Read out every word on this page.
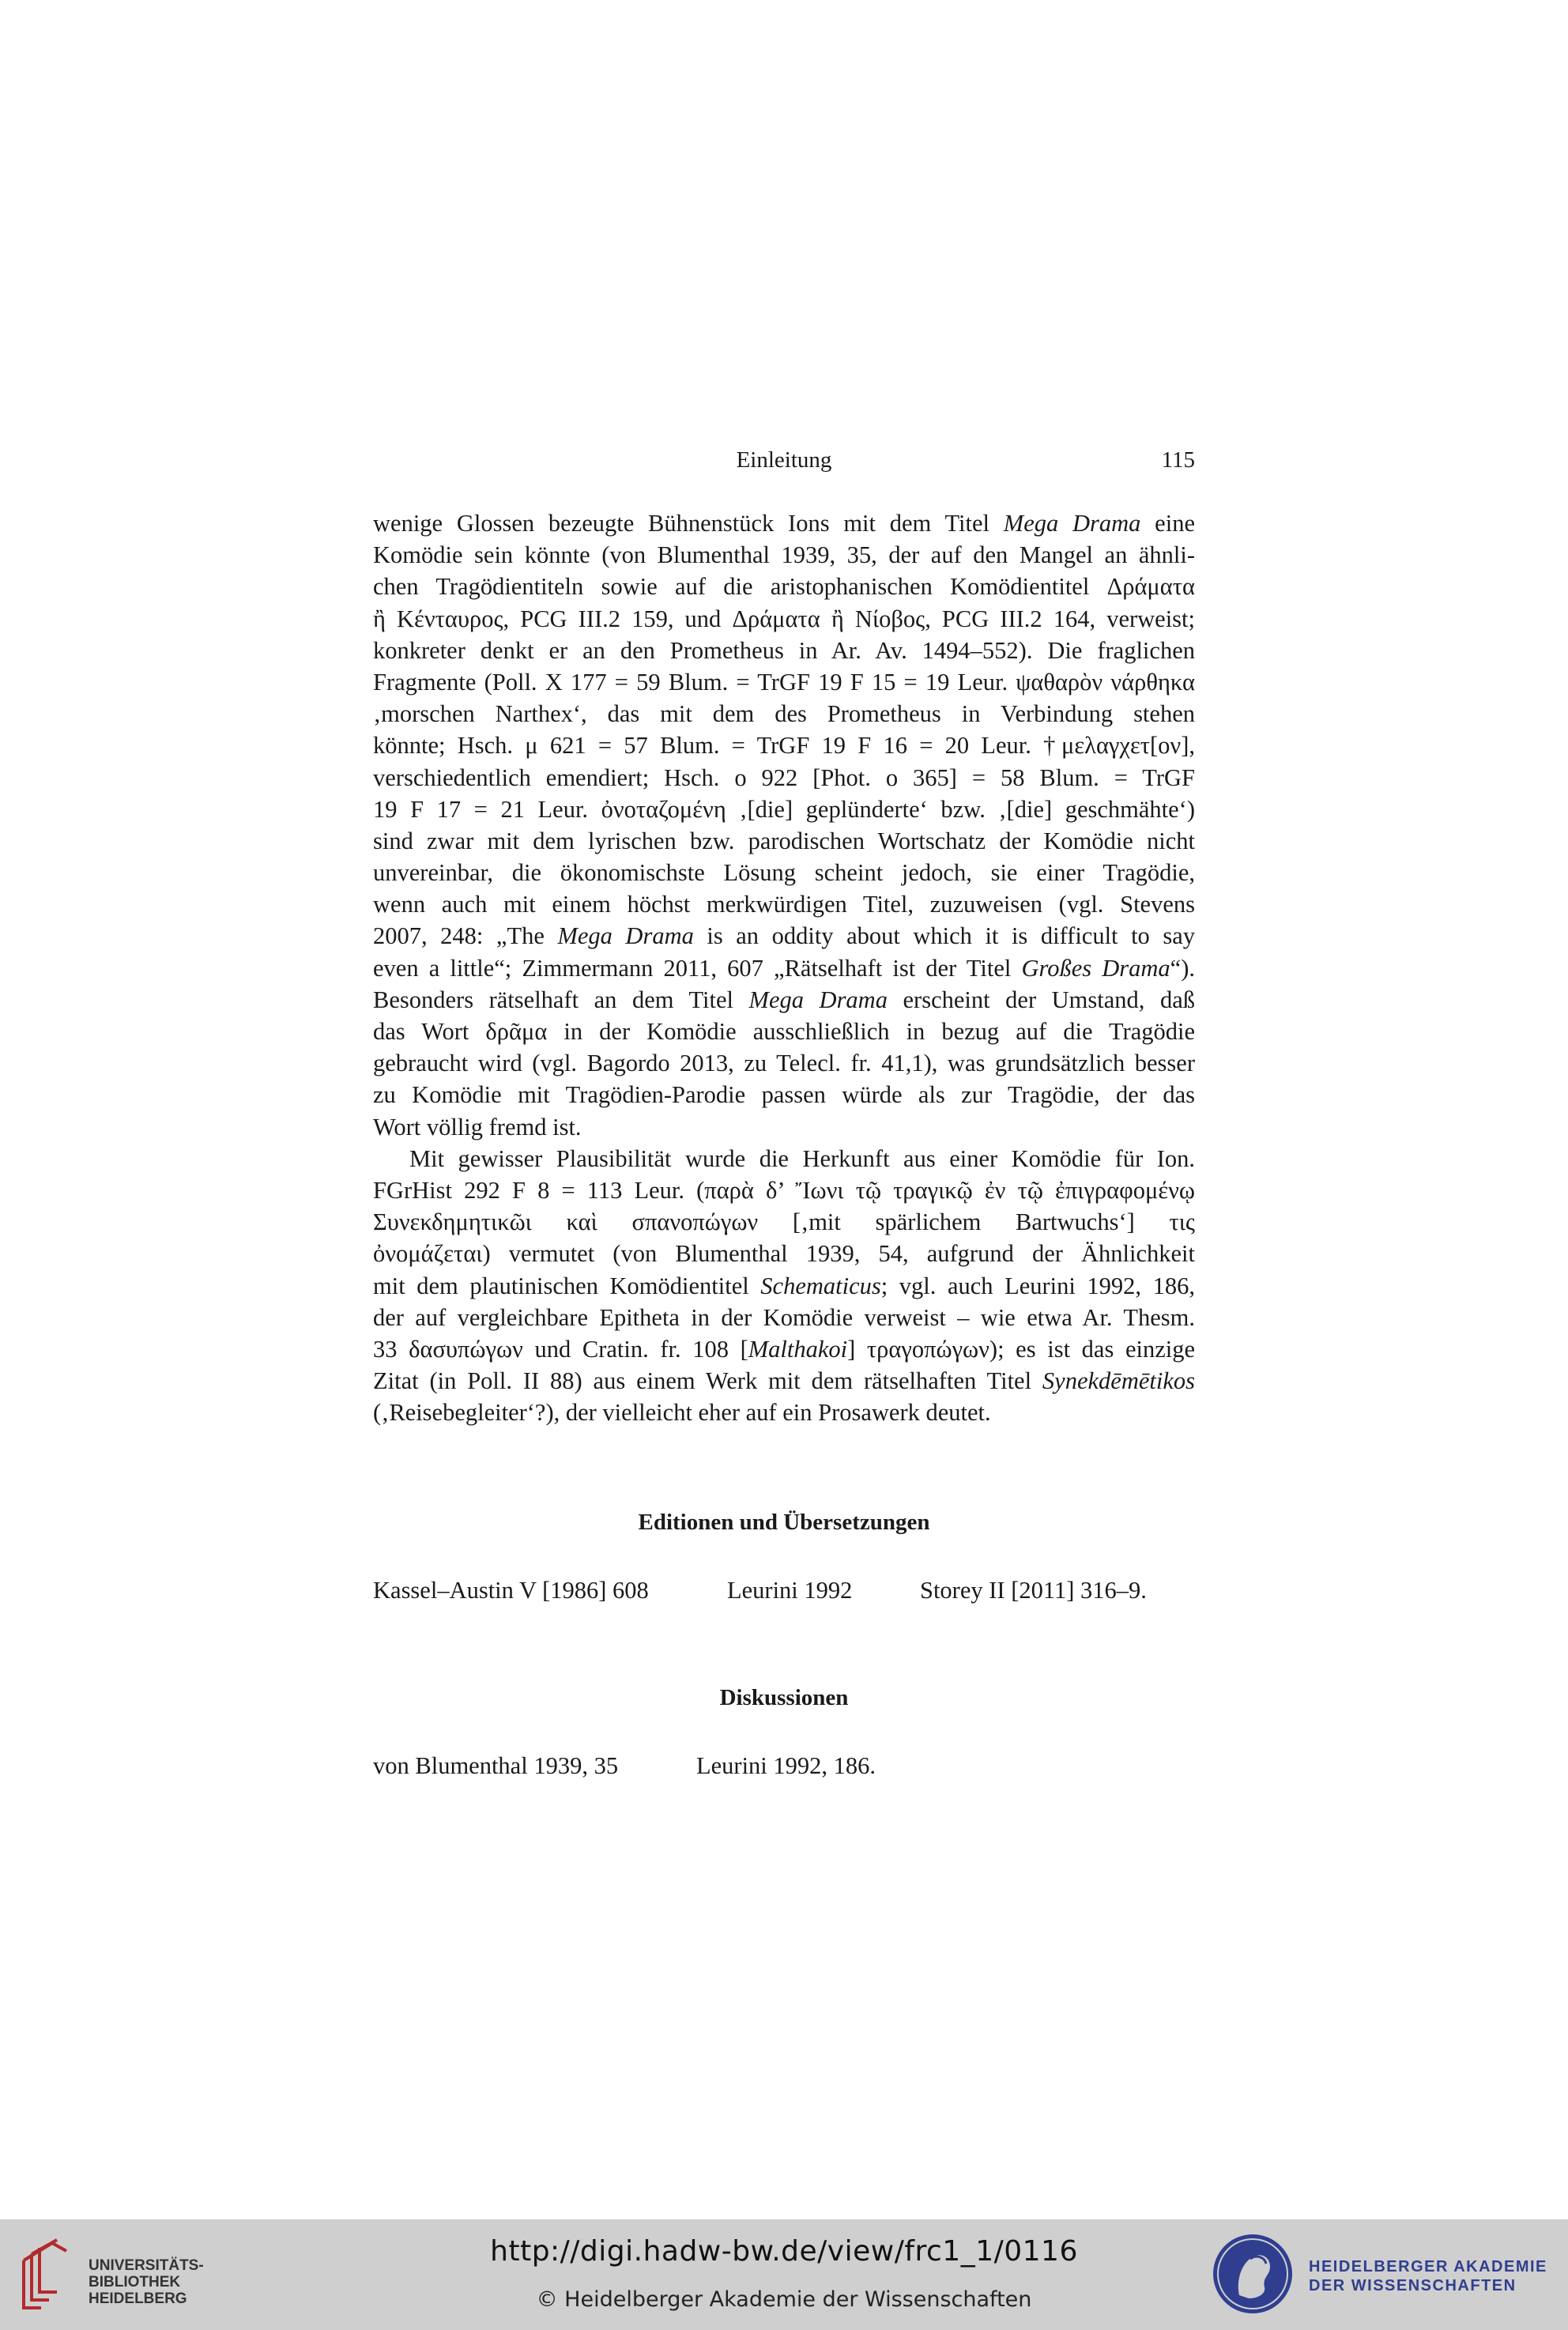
Einleitung	115
wenige Glossen bezeugte Bühnenstück Ions mit dem Titel Mega Drama eine
Komödie sein könnte (von Blumenthal 1939, 35, der auf den Mangel an ähnli-
chen Tragödientiteln sowie auf die aristophanischen Komödientitel Δράματα
ἢ Κένταυρος, PCG III.2 159, und Δράματα ἢ Νίοβος, PCG III.2 164, verweist;
konkreter denkt er an den Prometheus in Ar. Av. 1494–552). Die fraglichen
Fragmente (Poll. X 177 = 59 Blum. = TrGF 19 F 15 = 19 Leur. ψαθαρὸν νάρθηκα
‚morschen Narthex‘, das mit dem des Prometheus in Verbindung stehen
könnte; Hsch. μ 621 = 57 Blum. = TrGF 19 F 16 = 20 Leur. †μελαγχετ[ον],
verschiedentlich emendiert; Hsch. ο 922 [Phot. ο 365] = 58 Blum. = TrGF
19 F 17 = 21 Leur. ὀνοταζομένη ‚[die] geplünderte‘ bzw. ‚[die] geschmähte‘)
sind zwar mit dem lyrischen bzw. parodischen Wortschatz der Komödie nicht
unvereinbar, die ökonomischste Lösung scheint jedoch, sie einer Tragödie,
wenn auch mit einem höchst merkwürdigen Titel, zuzuweisen (vgl. Stevens
2007, 248: „The Mega Drama is an oddity about which it is difficult to say
even a little“; Zimmermann 2011, 607 „Rätselhaft ist der Titel Großes Drama“).
Besonders rätselhaft an dem Titel Mega Drama erscheint der Umstand, daß
das Wort δρᾶμα in der Komödie ausschließlich in bezug auf die Tragödie
gebraucht wird (vgl. Bagordo 2013, zu Telecl. fr. 41,1), was grundsätzlich besser
zu Komödie mit Tragödien-Parodie passen würde als zur Tragödie, der das
Wort völlig fremd ist.
Mit gewisser Plausibilität wurde die Herkunft aus einer Komödie für Ion.
FGrHist 292 F 8 = 113 Leur. (παρὰ δ’ Ἴωνι τῷ τραγικῷ ἐν τῷ ἐπιγραφομένῳ
Συνεκδημητικῶι καὶ σπανοπώγων [‚mit spärlichem Bartwuchs‘] τις
ὀνομάζεται) vermutet (von Blumenthal 1939, 54, aufgrund der Ähnlichkeit
mit dem plautinischen Komödientitel Schematicus; vgl. auch Leurini 1992, 186,
der auf vergleichbare Epitheta in der Komödie verweist – wie etwa Ar. Thesm.
33 δασυπώγων und Cratin. fr. 108 [Malthakoi] τραγοπώγων); es ist das einzige
Zitat (in Poll. II 88) aus einem Werk mit dem rätselhaften Titel Synekdēmētikos
(‚Reisebegleiter‘?), der vielleicht eher auf ein Prosawerk deutet.
Editionen und Übersetzungen
Kassel–Austin V [1986] 608	Leurini 1992	Storey II [2011] 316–9.
Diskussionen
von Blumenthal 1939, 35	Leurini 1992, 186.
UNIVERSITÄTS-
BIBLIOTHEK
HEIDELBERG
http://digi.hadw-bw.de/view/frc1_1/0116
© Heidelberger Akademie der Wissenschaften
HEIDELBERGER AKADEMIE
DER WISSENSCHAFTEN
